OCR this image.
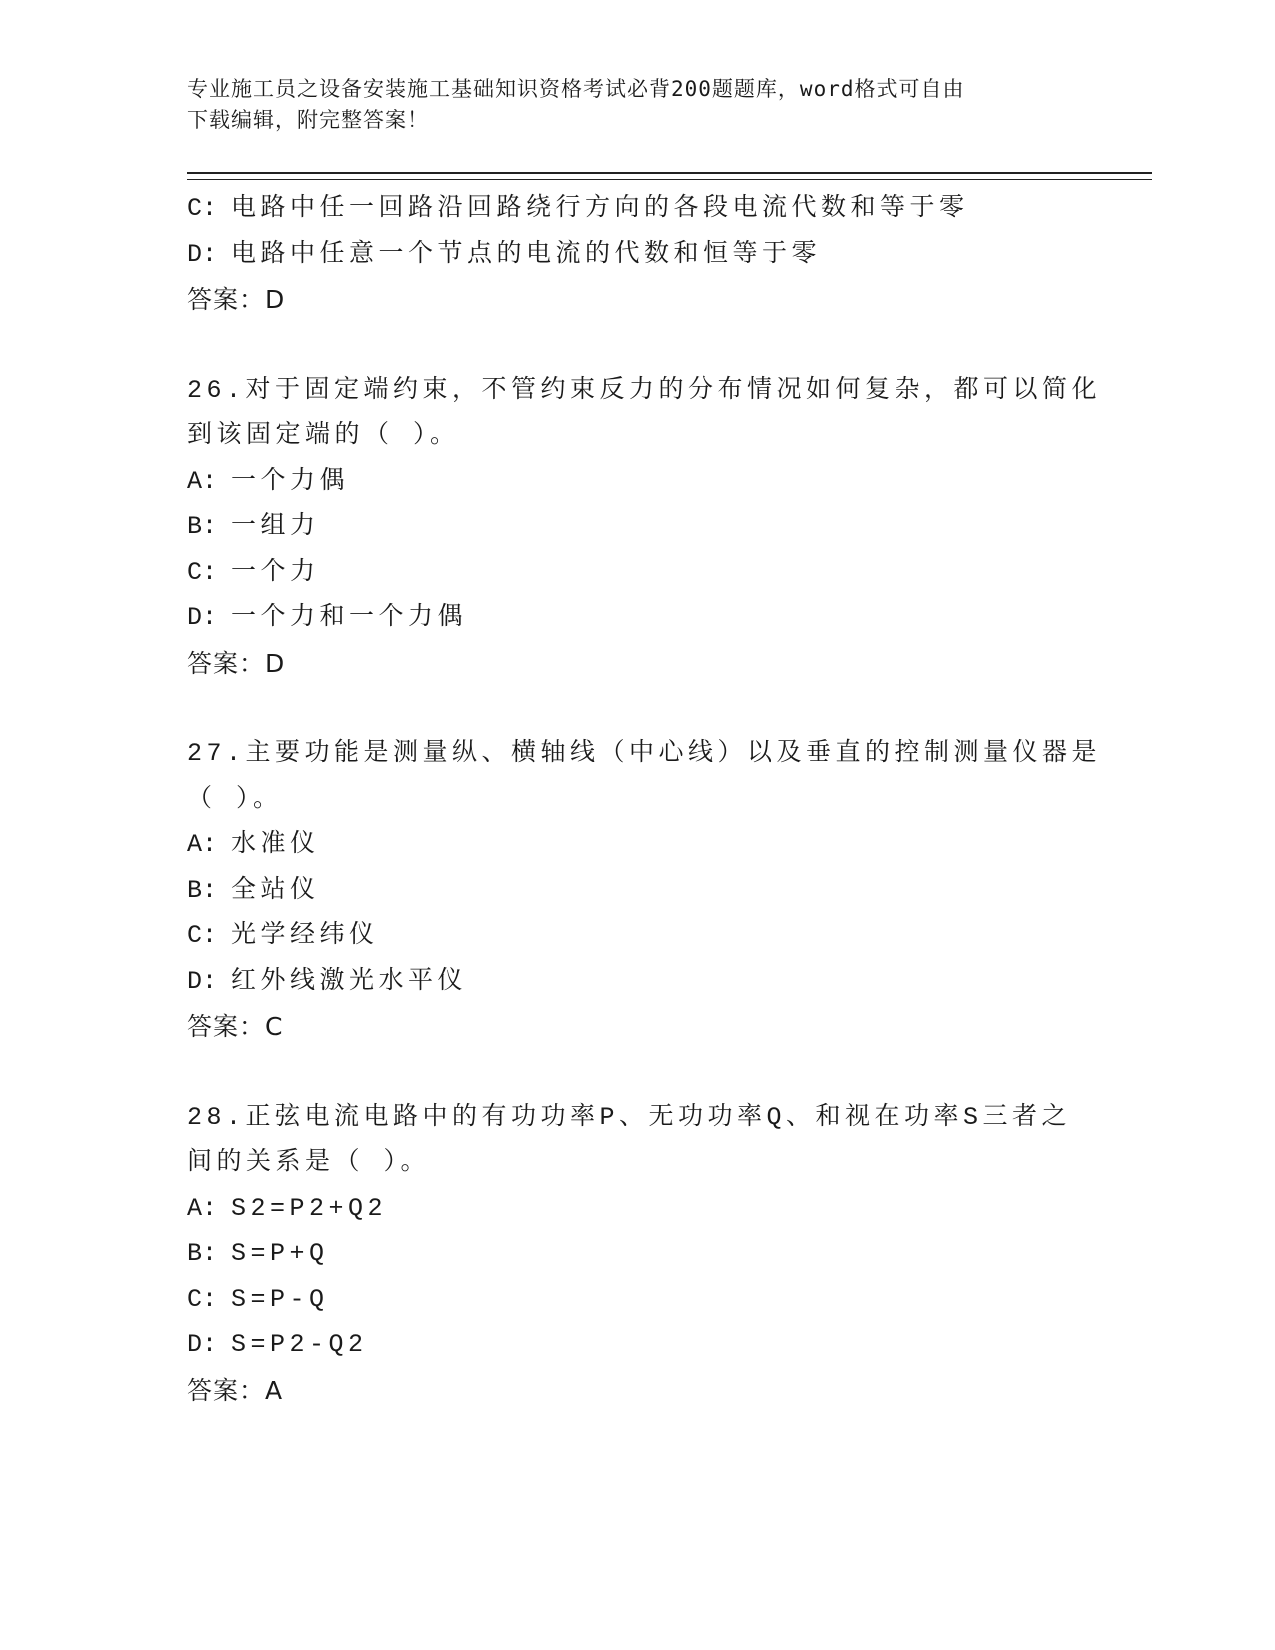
专业施工员之设备安装施工基础知识资格考试必背200题题库，word格式可自由
下载编辑，附完整答案！
C: 电路中任一回路沿回路绕行方向的各段电流代数和等于零
D: 电路中任意一个节点的电流的代数和恒等于零
答案：D
26.对于固定端约束，不管约束反力的分布情况如何复杂，都可以简化
到该固定端的（ ）。
A: 一个力偶
B: 一组力
C: 一个力
D: 一个力和一个力偶
答案：D
27.主要功能是测量纵、横轴线（中心线）以及垂直的控制测量仪器是
（ ）。
A: 水准仪
B: 全站仪
C: 光学经纬仪
D: 红外线激光水平仪
答案：C
28.正弦电流电路中的有功功率P、无功功率Q、和视在功率S三者之
间的关系是（ ）。
A: S2=P2+Q2
B: S=P+Q
C: S=P-Q
D: S=P2-Q2
答案：A
